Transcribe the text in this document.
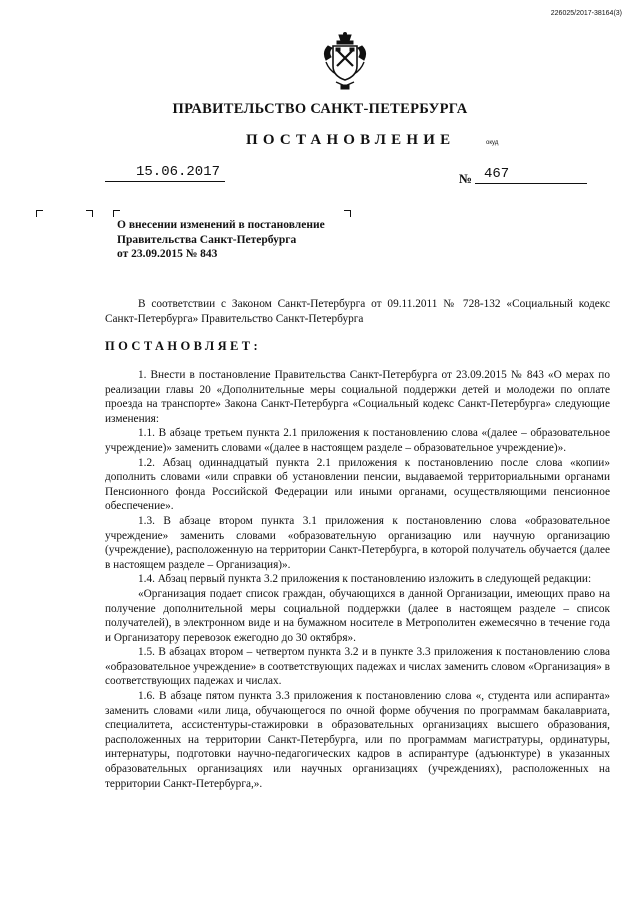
226025/2017-38164(3)
ПРАВИТЕЛЬСТВО САНКТ-ПЕТЕРБУРГА
ПОСТАНОВЛЕНИЕ	окуд
15.06.2017	№ 467
О внесении изменений в постановление
Правительства Санкт-Петербурга
от 23.09.2015 № 843

В соответствии с Законом Санкт-Петербурга от 09.11.2011 № 728-132 «Социальный кодекс Санкт-Петербурга» Правительство Санкт-Петербурга

ПОСТАНОВЛЯЕТ:

1. Внести в постановление Правительства Санкт-Петербурга от 23.09.2015 № 843 «О мерах по реализации главы 20 «Дополнительные меры социальной поддержки детей и молодежи по оплате проезда на транспорте» Закона Санкт-Петербурга «Социальный кодекс Санкт-Петербурга» следующие изменения:

1.1. В абзаце третьем пункта 2.1 приложения к постановлению слова «(далее – образовательное учреждение)» заменить словами «(далее в настоящем разделе – образовательное учреждение)».

1.2. Абзац одиннадцатый пункта 2.1 приложения к постановлению после слова «копии» дополнить словами «или справки об установлении пенсии, выдаваемой территориальными органами Пенсионного фонда Российской Федерации или иными органами, осуществляющими пенсионное обеспечение».

1.3. В абзаце втором пункта 3.1 приложения к постановлению слова «образовательное учреждение» заменить словами «образовательную организацию или научную организацию (учреждение), расположенную на территории Санкт-Петербурга, в которой получатель обучается (далее в настоящем разделе – Организация)».

1.4. Абзац первый пункта 3.2 приложения к постановлению изложить в следующей редакции:

«Организация подает список граждан, обучающихся в данной Организации, имеющих право на получение дополнительной меры социальной поддержки (далее в настоящем разделе – список получателей), в электронном виде и на бумажном носителе в Метрополитен ежемесячно в течение года и Организатору перевозок ежегодно до 30 октября».

1.5. В абзацах втором – четвертом пункта 3.2 и в пункте 3.3 приложения к постановлению слова «образовательное учреждение» в соответствующих падежах и числах заменить словом «Организация» в соответствующих падежах и числах.

1.6. В абзаце пятом пункта 3.3 приложения к постановлению слова «, студента или аспиранта» заменить словами «или лица, обучающегося по очной форме обучения по программам бакалавриата, специалитета, ассистентуры-стажировки в образовательных организациях высшего образования, расположенных на территории Санкт-Петербурга, или по программам магистратуры, ординатуры, интернатуры, подготовки научно-педагогических кадров в аспирантуре (адъюнктуре) в указанных образовательных организациях или научных организациях (учреждениях), расположенных на территории Санкт-Петербурга,».
